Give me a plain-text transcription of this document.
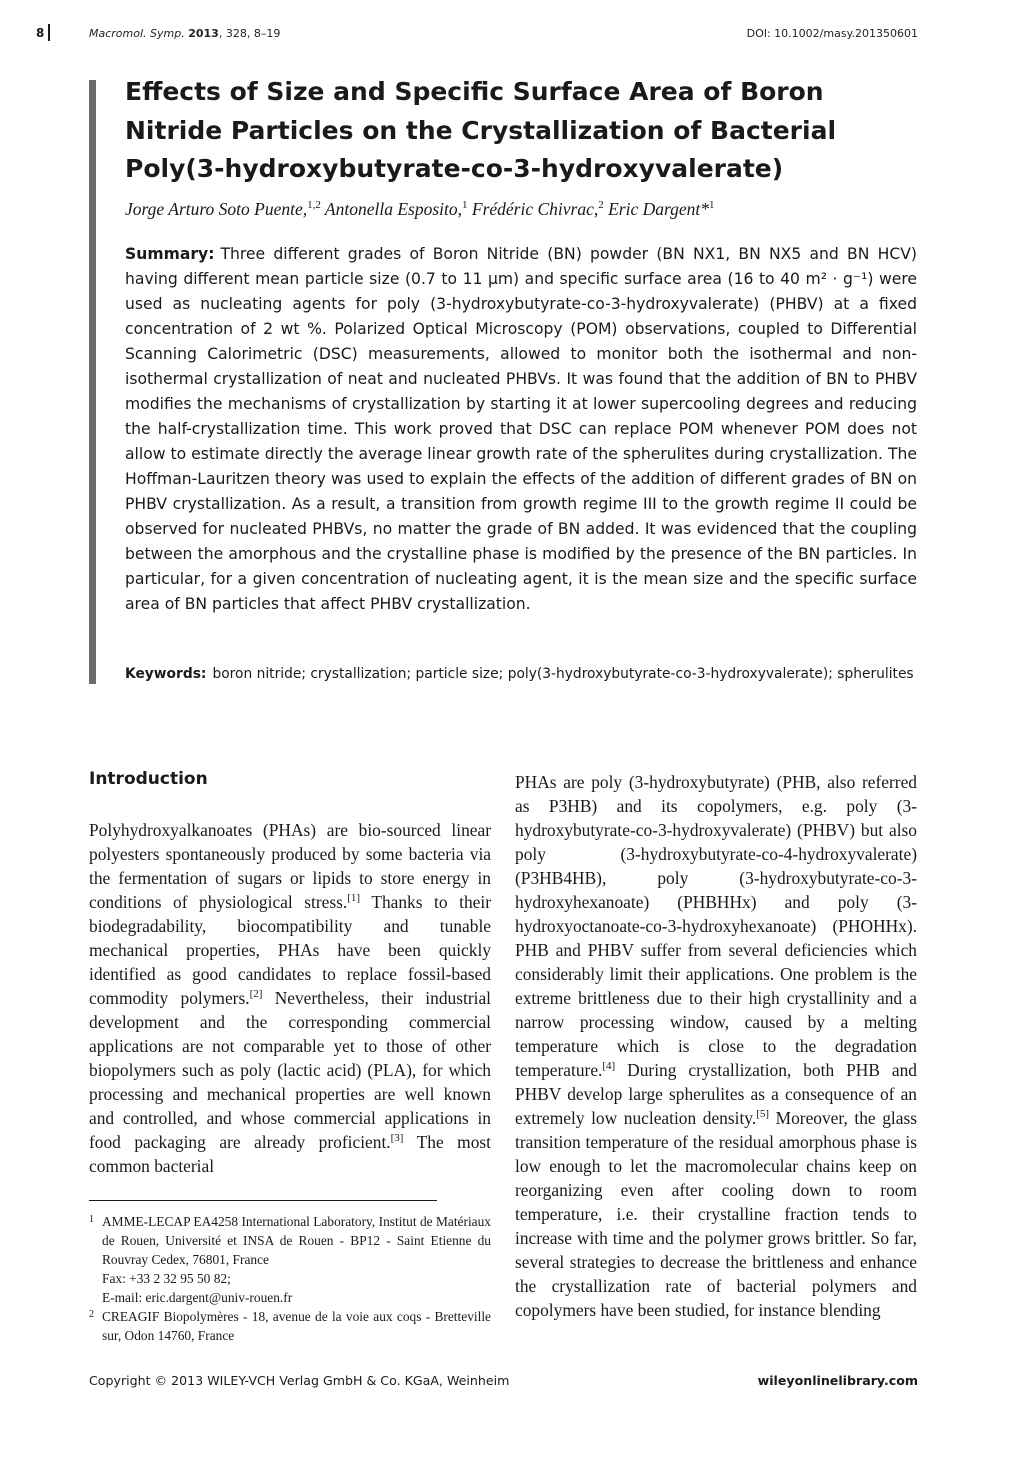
8	Macromol. Symp. 2013, 328, 8–19	DOI: 10.1002/masy.201350601
Effects of Size and Specific Surface Area of Boron Nitride Particles on the Crystallization of Bacterial Poly(3-hydroxybutyrate-co-3-hydroxyvalerate)
Jorge Arturo Soto Puente,$^{1,2}$ Antonella Esposito,$^1$ Frédéric Chivrac,$^2$ Eric Dargent*$^1$

Summary: Three different grades of Boron Nitride (BN) powder (BN NX1, BN NX5 and BN HCV) having different mean particle size (0.7 to 11 μm) and specific surface area (16 to 40 m² · g⁻¹) were used as nucleating agents for poly (3-hydroxybutyrate-co-3-hydroxyvalerate) (PHBV) at a fixed concentration of 2 wt %. Polarized Optical Microscopy (POM) observations, coupled to Differential Scanning Calorimetric (DSC) measurements, allowed to monitor both the isothermal and non-isothermal crystallization of neat and nucleated PHBVs. It was found that the addition of BN to PHBV modifies the mechanisms of crystallization by starting it at lower supercooling degrees and reducing the half-crystallization time. This work proved that DSC can replace POM whenever POM does not allow to estimate directly the average linear growth rate of the spherulites during crystallization. The Hoffman-Lauritzen theory was used to explain the effects of the addition of different grades of BN on PHBV crystallization. As a result, a transition from growth regime III to the growth regime II could be observed for nucleated PHBVs, no matter the grade of BN added. It was evidenced that the coupling between the amorphous and the crystalline phase is modified by the presence of the BN particles. In particular, for a given concentration of nucleating agent, it is the mean size and the specific surface area of BN particles that affect PHBV crystallization.

Keywords: boron nitride; crystallization; particle size; poly(3-hydroxybutyrate-co-3-hydroxyvalerate); spherulites
Introduction

Polyhydroxyalkanoates (PHAs) are bio-sourced linear polyesters spontaneously produced by some bacteria via the fermentation of sugars or lipids to store energy in conditions of physiological stress.[1] Thanks to their biodegradability, biocompatibility and tunable mechanical properties, PHAs have been quickly identified as good candidates to replace fossil-based commodity polymers.[2] Nevertheless, their industrial development and the corresponding commercial applications are not comparable yet to those of other biopolymers such as poly (lactic acid) (PLA), for which processing and mechanical properties are well known and controlled, and whose commercial applications in food packaging are already proficient.[3] The most common bacterial

PHAs are poly (3-hydroxybutyrate) (PHB, also referred as P3HB) and its copolymers, e.g. poly (3-hydroxybutyrate-co-3-hydroxyvalerate) (PHBV) but also poly (3-hydroxybutyrate-co-4-hydroxyvalerate) (P3HB4HB), poly (3-hydroxybutyrate-co-3-hydroxyhexanoate) (PHBHHx) and poly (3-hydroxyoctanoate-co-3-hydroxyhexanoate) (PHOHHx). PHB and PHBV suffer from several deficiencies which considerably limit their applications. One problem is the extreme brittleness due to their high crystallinity and a narrow processing window, caused by a melting temperature which is close to the degradation temperature.[4] During crystallization, both PHB and PHBV develop large spherulites as a consequence of an extremely low nucleation density.[5] Moreover, the glass transition temperature of the residual amorphous phase is low enough to let the macromolecular chains keep on reorganizing even after cooling down to room temperature, i.e. their crystalline fraction tends to increase with time and the polymer grows brittler. So far, several strategies to decrease the brittleness and enhance the crystallization rate of bacterial polymers and copolymers have been studied, for instance blending

1 AMME-LECAP EA4258 International Laboratory, Institut de Matériaux de Rouen, Université et INSA de Rouen - BP12 - Saint Etienne du Rouvray Cedex, 76801, France
Fax: +33 2 32 95 50 82;
E-mail: eric.dargent@univ-rouen.fr
2 CREAGIF Biopolymères - 18, avenue de la voie aux coqs - Bretteville sur, Odon 14760, France
Copyright © 2013 WILEY-VCH Verlag GmbH & Co. KGaA, Weinheim	wileyonlinelibrary.com
